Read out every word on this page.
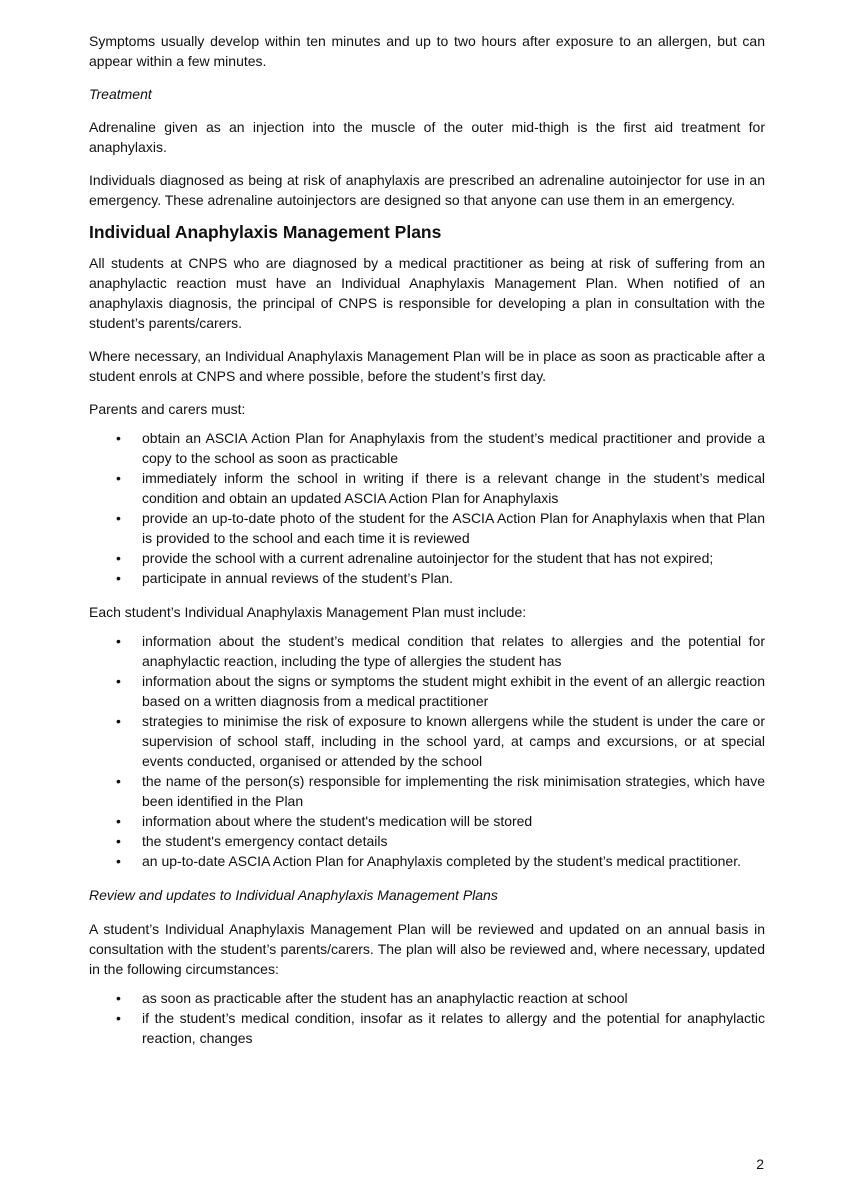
Symptoms usually develop within ten minutes and up to two hours after exposure to an allergen, but can appear within a few minutes.

Treatment

Adrenaline given as an injection into the muscle of the outer mid-thigh is the first aid treatment for anaphylaxis.

Individuals diagnosed as being at risk of anaphylaxis are prescribed an adrenaline autoinjector for use in an emergency. These adrenaline autoinjectors are designed so that anyone can use them in an emergency.

Individual Anaphylaxis Management Plans

All students at CNPS who are diagnosed by a medical practitioner as being at risk of suffering from an anaphylactic reaction must have an Individual Anaphylaxis Management Plan. When notified of an anaphylaxis diagnosis, the principal of CNPS is responsible for developing a plan in consultation with the student’s parents/carers.

Where necessary, an Individual Anaphylaxis Management Plan will be in place as soon as practicable after a student enrols at CNPS and where possible, before the student’s first day.

Parents and carers must:

• obtain an ASCIA Action Plan for Anaphylaxis from the student’s medical practitioner and provide a copy to the school as soon as practicable
• immediately inform the school in writing if there is a relevant change in the student’s medical condition and obtain an updated ASCIA Action Plan for Anaphylaxis
• provide an up-to-date photo of the student for the ASCIA Action Plan for Anaphylaxis when that Plan is provided to the school and each time it is reviewed
• provide the school with a current adrenaline autoinjector for the student that has not expired;
• participate in annual reviews of the student’s Plan.

Each student’s Individual Anaphylaxis Management Plan must include:

• information about the student’s medical condition that relates to allergies and the potential for anaphylactic reaction, including the type of allergies the student has
• information about the signs or symptoms the student might exhibit in the event of an allergic reaction based on a written diagnosis from a medical practitioner
• strategies to minimise the risk of exposure to known allergens while the student is under the care or supervision of school staff, including in the school yard, at camps and excursions, or at special events conducted, organised or attended by the school
• the name of the person(s) responsible for implementing the risk minimisation strategies, which have been identified in the Plan
• information about where the student's medication will be stored
• the student's emergency contact details
• an up-to-date ASCIA Action Plan for Anaphylaxis completed by the student’s medical practitioner.

Review and updates to Individual Anaphylaxis Management Plans

A student’s Individual Anaphylaxis Management Plan will be reviewed and updated on an annual basis in consultation with the student’s parents/carers. The plan will also be reviewed and, where necessary, updated in the following circumstances:

• as soon as practicable after the student has an anaphylactic reaction at school
• if the student’s medical condition, insofar as it relates to allergy and the potential for anaphylactic reaction, changes
2
